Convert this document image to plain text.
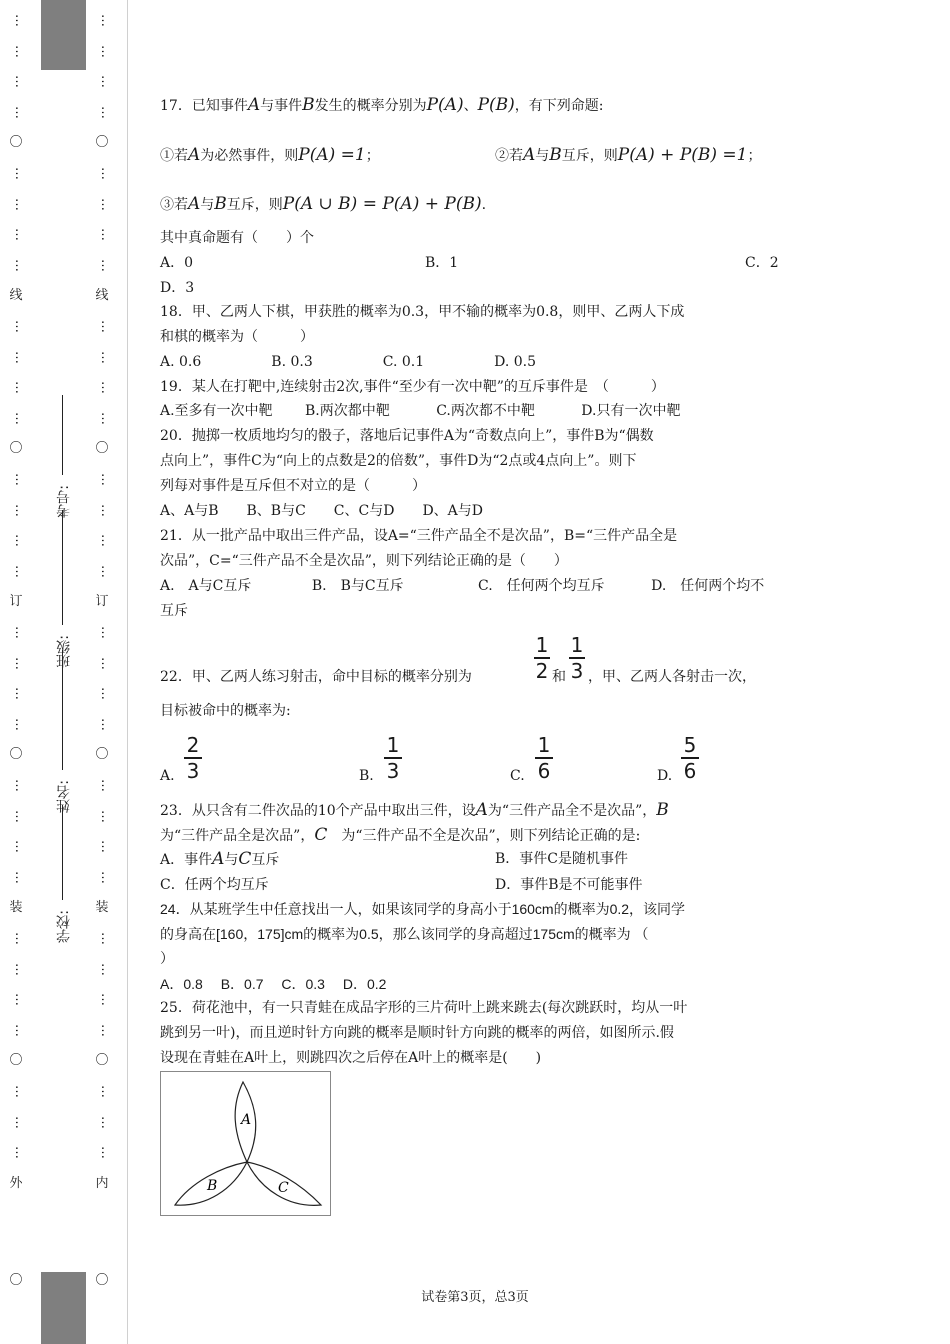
…
…
…
…
〇
…
…
…
…
线
…
…
…
…
〇
…
…
…
…
订
…
…
…
…
〇
…
…
…
…
装
…
…
…
…
〇
…
…
…
外
〇
学校:
姓名:
班级:
考号:
…
…
…
…
〇
…
…
…
…
线
…
…
…
…
〇
…
…
…
…
订
…
…
…
…
〇
…
…
…
…
装
…
…
…
…
〇
…
…
…
内
〇
17．已知事件A与事件B发生的概率分别为P(A)、P(B)，有下列命题:
①若A为必然事件，则P(A) =1；	②若A与B互斥，则P(A) + P(B) =1；
③若A与B互斥，则P(A ∪ B) = P(A) + P(B).
其中真命题有（　　）个
A．0	B．1	C．2
D．3
18．甲、乙两人下棋，甲获胜的概率为0.3，甲不输的概率为0.8，则甲、乙两人下成
和棋的概率为（　　　）
A. 0.6　　　　　B. 0.3　　　　　C. 0.1　　　　　D. 0.5
19．某人在打靶中,连续射击2次,事件“至少有一次中靶”的互斥事件是　（　　　）
A.至多有一次中靶　　 B.两次都中靶　　　 C.两次都不中靶　　　 D.只有一次中靶
20．抛掷一枚质地均匀的骰子，落地后记事件A为“奇数点向上”，事件B为“偶数
点向上”，事件C为“向上的点数是2的倍数”，事件D为“2点或4点向上”。则下
列每对事件是互斥但不对立的是（　　　）
A、A与B　　B、B与C　　C、C与D　　D、A与D
21．从一批产品中取出三件产品，设A=“三件产品全不是次品”，B=“三件产品全是
次品”，C=“三件产品不全是次品”，则下列结论正确的是（　　）
A.　A与C互斥　　　　 B.　B与C互斥　　　　　 C.　任何两个均互斥　　　 D.　任何两个均不
互斥
22．甲、乙两人练习射击，命中目标的概率分别为
1
2 和
1
3 ，甲、乙两人各射击一次，
目标被命中的概率为:
A.
2
3	B.
1
3	C.
1
6	D.
5
6
23．从只含有二件次品的10个产品中取出三件，设A为“三件产品全不是次品”，B
为“三件产品全是次品”，C　 为“三件产品不全是次品”，则下列结论正确的是:
A．事件A与C互斥	B．事件C是随机事件
C．任两个均互斥	D．事件B是不可能事件
24．从某班学生中任意找出一人，如果该同学的身高小于160cm的概率为0.2，该同学
的身高在[160，175]cm的概率为0.5，那么该同学的身高超过175cm的概率为 （
）
A．0.8　 B．0.7　 C．0.3　 D．0.2
25．荷花池中，有一只青蛙在成品字形的三片荷叶上跳来跳去(每次跳跃时，均从一叶
跳到另一叶)，而且逆时针方向跳的概率是顺时针方向跳的概率的两倍，如图所示.假
设现在青蛙在A叶上，则跳四次之后停在A叶上的概率是(　　)
A
B	C
试卷第3页，总3页
